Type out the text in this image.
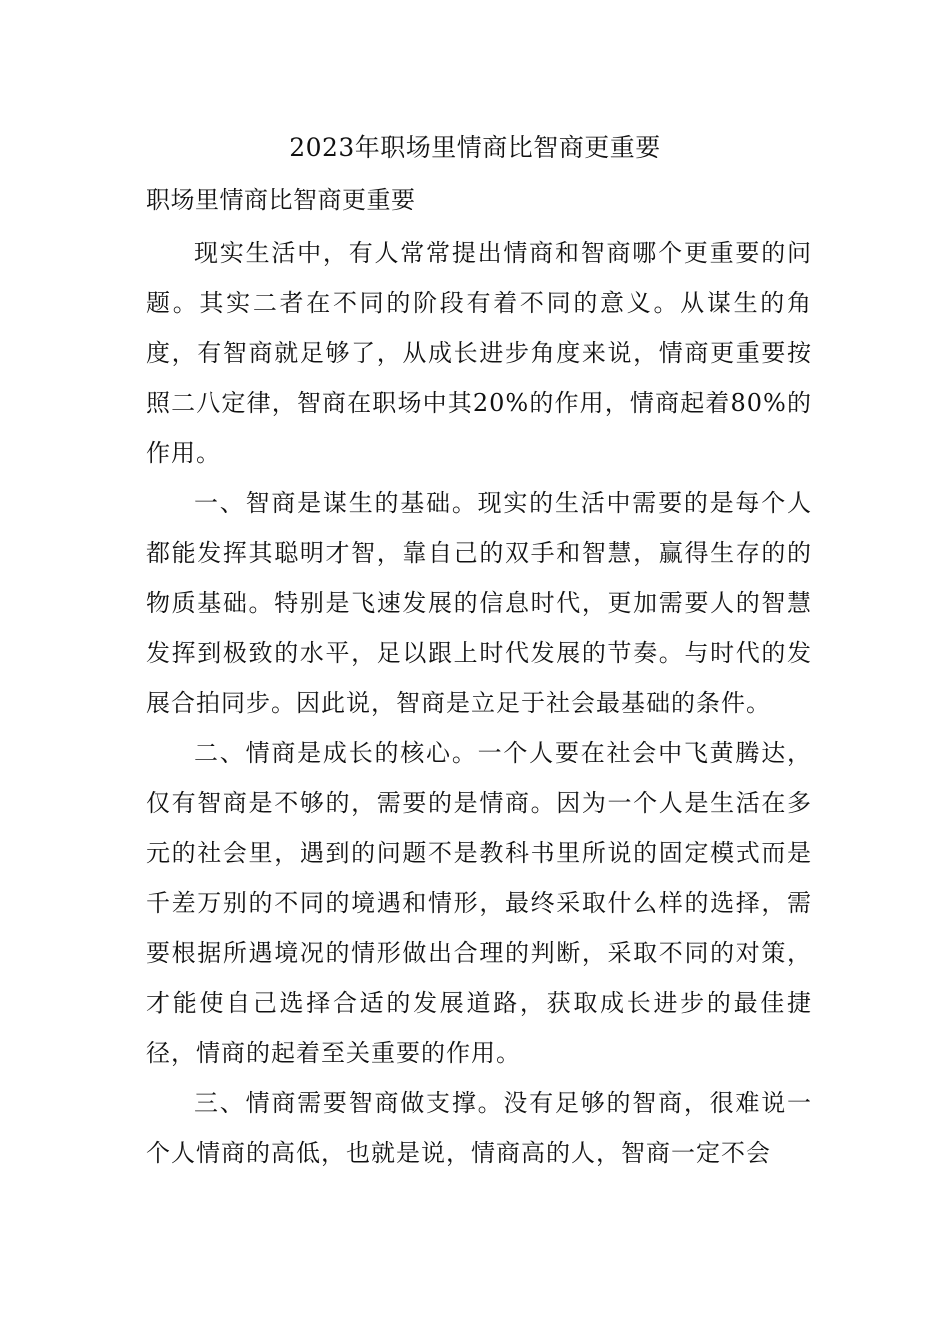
2023年职场里情商比智商更重要
职场里情商比智商更重要

现实生活中，有人常常提出情商和智商哪个更重要的问题。其实二者在不同的阶段有着不同的意义。从谋生的角度，有智商就足够了，从成长进步角度来说，情商更重要按照二八定律，智商在职场中其20%的作用，情商起着80%的作用。

一、智商是谋生的基础。现实的生活中需要的是每个人都能发挥其聪明才智，靠自己的双手和智慧，赢得生存的的物质基础。特别是飞速发展的信息时代，更加需要人的智慧发挥到极致的水平，足以跟上时代发展的节奏。与时代的发展合拍同步。因此说，智商是立足于社会最基础的条件。

二、情商是成长的核心。一个人要在社会中飞黄腾达，仅有智商是不够的，需要的是情商。因为一个人是生活在多元的社会里，遇到的问题不是教科书里所说的固定模式而是千差万别的不同的境遇和情形，最终采取什么样的选择，需要根据所遇境况的情形做出合理的判断，采取不同的对策，才能使自己选择合适的发展道路，获取成长进步的最佳捷径，情商的起着至关重要的作用。

三、情商需要智商做支撑。没有足够的智商，很难说一个人情商的高低，也就是说，情商高的人，智商一定不会
